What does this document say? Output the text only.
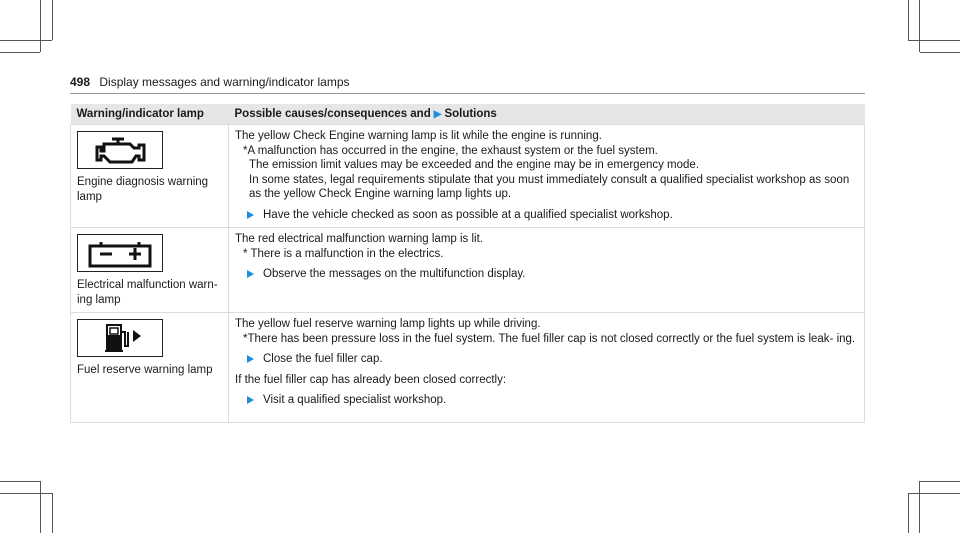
498 Display messages and warning/indicator lamps
Warning/indicator lamp	Possible causes/consequences and ▶ Solutions

Engine diagnosis warning lamp	The yellow Check Engine warning lamp is lit while the engine is running.
*A malfunction has occurred in the engine, the exhaust system or the fuel system.
The emission limit values may be exceeded and the engine may be in emergency mode.
In some states, legal requirements stipulate that you must immediately consult a qualified specialist workshop as soon as the yellow Check Engine warning lamp lights up.
Have the vehicle checked as soon as possible at a qualified specialist workshop.

Electrical malfunction warn- ing lamp	The red electrical malfunction warning lamp is lit.
* There is a malfunction in the electrics.
Observe the messages on the multifunction display.

Fuel reserve warning lamp	The yellow fuel reserve warning lamp lights up while driving.
*There has been pressure loss in the fuel system. The fuel filler cap is not closed correctly or the fuel system is leak- ing.
Close the fuel filler cap.
If the fuel filler cap has already been closed correctly:
Visit a qualified specialist workshop.
